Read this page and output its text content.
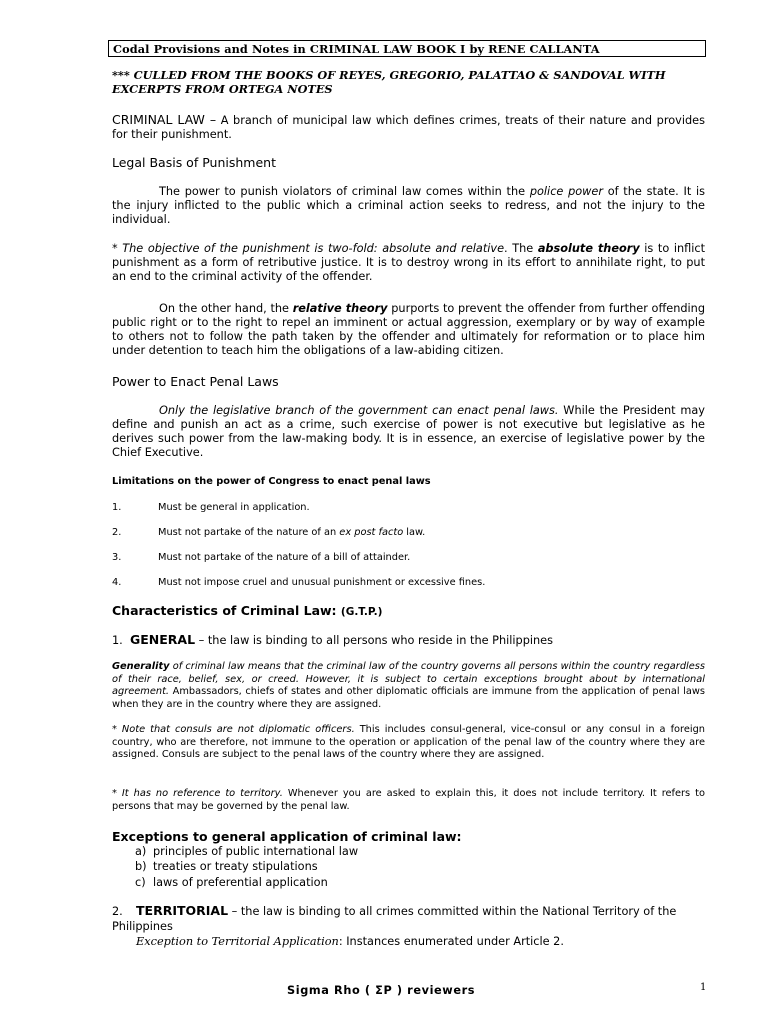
Codal Provisions and Notes in CRIMINAL LAW BOOK I by RENE CALLANTA

*** CULLED FROM THE BOOKS OF REYES, GREGORIO, PALATTAO & SANDOVAL WITH EXCERPTS FROM ORTEGA NOTES

CRIMINAL LAW – A branch of municipal law which defines crimes, treats of their nature and provides for their punishment.

Legal Basis of Punishment

The power to punish violators of criminal law comes within the police power of the state. It is the injury inflicted to the public which a criminal action seeks to redress, and not the injury to the individual.

* The objective of the punishment is two-fold: absolute and relative. The absolute theory is to inflict punishment as a form of retributive justice. It is to destroy wrong in its effort to annihilate right, to put an end to the criminal activity of the offender.

On the other hand, the relative theory purports to prevent the offender from further offending public right or to the right to repel an imminent or actual aggression, exemplary or by way of example to others not to follow the path taken by the offender and ultimately for reformation or to place him under detention to teach him the obligations of a law-abiding citizen.

Power to Enact Penal Laws

Only the legislative branch of the government can enact penal laws. While the President may define and punish an act as a crime, such exercise of power is not executive but legislative as he derives such power from the law-making body. It is in essence, an exercise of legislative power by the Chief Executive.

Limitations on the power of Congress to enact penal laws

1.	Must be general in application.
2.	Must not partake of the nature of an ex post facto law.
3.	Must not partake of the nature of a bill of attainder.
4.	Must not impose cruel and unusual punishment or excessive fines.

Characteristics of Criminal Law: (G.T.P.)

1. GENERAL – the law is binding to all persons who reside in the Philippines

Generality of criminal law means that the criminal law of the country governs all persons within the country regardless of their race, belief, sex, or creed. However, it is subject to certain exceptions brought about by international agreement. Ambassadors, chiefs of states and other diplomatic officials are immune from the application of penal laws when they are in the country where they are assigned.

* Note that consuls are not diplomatic officers. This includes consul-general, vice-consul or any consul in a foreign country, who are therefore, not immune to the operation or application of the penal law of the country where they are assigned. Consuls are subject to the penal laws of the country where they are assigned.

* It has no reference to territory. Whenever you are asked to explain this, it does not include territory. It refers to persons that may be governed by the penal law.

Exceptions to general application of criminal law:

a) principles of public international law
b) treaties or treaty stipulations
c) laws of preferential application
2. TERRITORIAL – the law is binding to all crimes committed within the National Territory of the Philippines
Exception to Territorial Application: Instances enumerated under Article 2.
Sigma Rho ( ΣP ) reviewers	1
